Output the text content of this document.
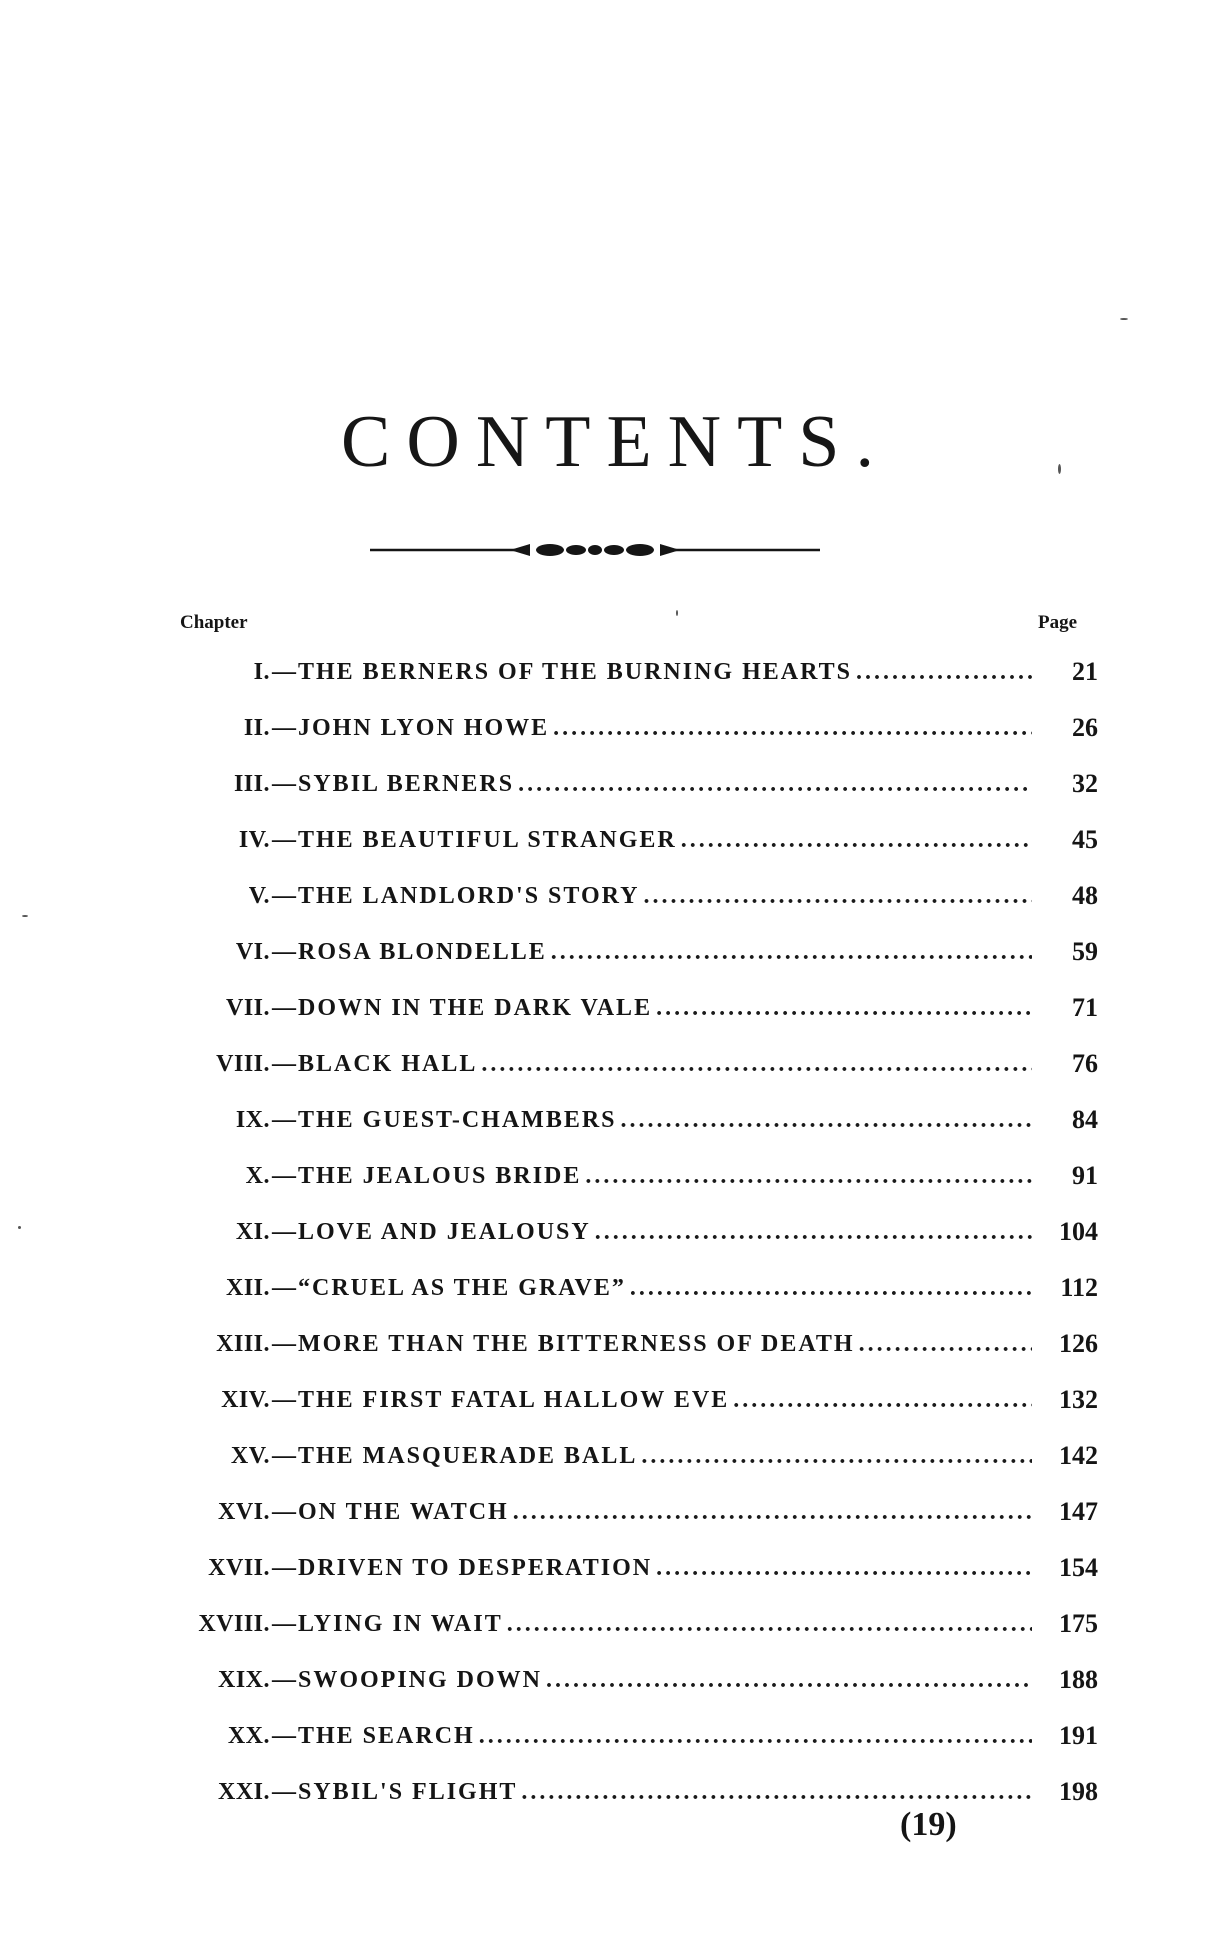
CONTENTS.
Chapter	Page
I. — THE BERNERS OF THE BURNING HEARTS .....	21
II. — JOHN LYON HOWE .....	26
III. — SYBIL BERNERS .....	32
IV. — THE BEAUTIFUL STRANGER .....	45
V. — THE LANDLORD'S STORY .....	48
VI. — ROSA BLONDELLE .....	59
VII. — DOWN IN THE DARK VALE .....	71
VIII. — BLACK HALL .....	76
IX. — THE GUEST-CHAMBERS .....	84
X. — THE JEALOUS BRIDE .....	91
XI. — LOVE AND JEALOUSY .....	104
XII. — “CRUEL AS THE GRAVE” .....	112
XIII. — MORE THAN THE BITTERNESS OF DEATH .....	126
XIV. — THE FIRST FATAL HALLOW EVE .....	132
XV. — THE MASQUERADE BALL .....	142
XVI. — ON THE WATCH .....	147
XVII. — DRIVEN TO DESPERATION .....	154
XVIII. — LYING IN WAIT .....	175
XIX. — SWOOPING DOWN .....	188
XX. — THE SEARCH .....	191
XXI. — SYBIL'S FLIGHT .....	198
(19)
